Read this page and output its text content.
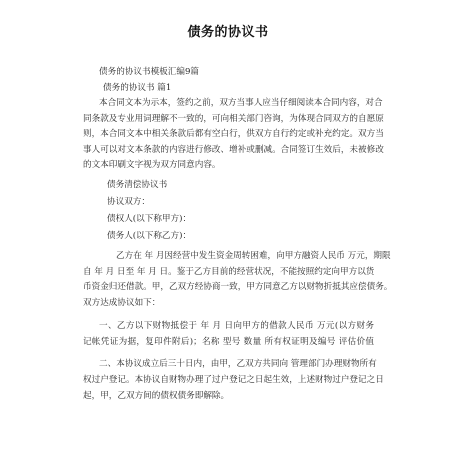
债务的协议书
债务的协议书模板汇编9篇
债务的协议书 篇1
本合同文本为示本，签约之前，双方当事人应当仔细阅读本合同内容，对合
同条款及专业用词理解不一致的，可向相关部门咨询，为体现合同双方的自愿原
则，本合同文本中相关条款后都有空白行，供双方自行约定或补充约定。双方当
事人可以对文本条款的内容进行修改、增补或删减。合同签订生效后，未被修改
的文本印刷文字视为双方同意内容。
债务清偿协议书
协议双方：
债权人(以下称甲方)：
债务人(以下称乙方)：
乙方在 年 月因经营中发生资金周转困难，向甲方融资人民币 万元，期限
自 年 月 日至 年 月 日。鉴于乙方目前的经营状况，不能按照约定向甲方以货
币资金归还借款。甲，乙双方经协商一致，甲方同意乙方以财物折抵其应偿债务。
双方达成协议如下：
一、乙方以下财物抵偿于 年 月 日向甲方的借款人民币 万元(以方财务
记帐凭证为据，复印件附后)；名称 型号 数量 所有权证明及编号 评估价值
二、本协议成立后三十日内，由甲，乙双方共同向 管理部门办理财物所有
权过户登记。本协议自财物办理了过户登记之日起生效，上述财物过户登记之日
起，甲，乙双方间的债权债务即解除。
